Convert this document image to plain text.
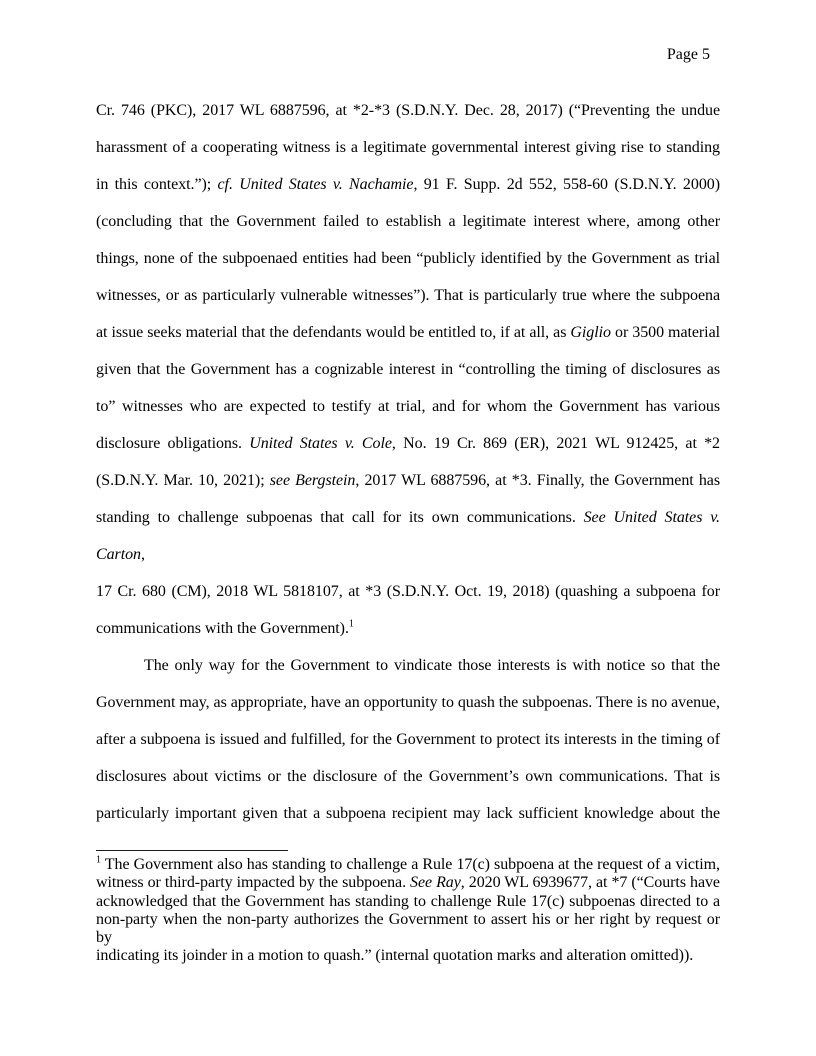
Page 5
Cr. 746 (PKC), 2017 WL 6887596, at *2-*3 (S.D.N.Y. Dec. 28, 2017) (“Preventing the undue
harassment of a cooperating witness is a legitimate governmental interest giving rise to standing
in this context.”); cf. United States v. Nachamie, 91 F. Supp. 2d 552, 558-60 (S.D.N.Y. 2000)
(concluding that the Government failed to establish a legitimate interest where, among other
things, none of the subpoenaed entities had been “publicly identified by the Government as trial
witnesses, or as particularly vulnerable witnesses”). That is particularly true where the subpoena
at issue seeks material that the defendants would be entitled to, if at all, as Giglio or 3500 material
given that the Government has a cognizable interest in “controlling the timing of disclosures as
to” witnesses who are expected to testify at trial, and for whom the Government has various
disclosure obligations. United States v. Cole, No. 19 Cr. 869 (ER), 2021 WL 912425, at *2
(S.D.N.Y. Mar. 10, 2021); see Bergstein, 2017 WL 6887596, at *3. Finally, the Government has
standing to challenge subpoenas that call for its own communications. See United States v. Carton,
17 Cr. 680 (CM), 2018 WL 5818107, at *3 (S.D.N.Y. Oct. 19, 2018) (quashing a subpoena for
communications with the Government).$^1$
The only way for the Government to vindicate those interests is with notice so that the
Government may, as appropriate, have an opportunity to quash the subpoenas. There is no avenue,
after a subpoena is issued and fulfilled, for the Government to protect its interests in the timing of
disclosures about victims or the disclosure of the Government’s own communications. That is
particularly important given that a subpoena recipient may lack sufficient knowledge about the
$^1$ The Government also has standing to challenge a Rule 17(c) subpoena at the request of a victim,
witness or third-party impacted by the subpoena. See Ray, 2020 WL 6939677, at *7 (“Courts have
acknowledged that the Government has standing to challenge Rule 17(c) subpoenas directed to a
non-party when the non-party authorizes the Government to assert his or her right by request or by
indicating its joinder in a motion to quash.” (internal quotation marks and alteration omitted)).
